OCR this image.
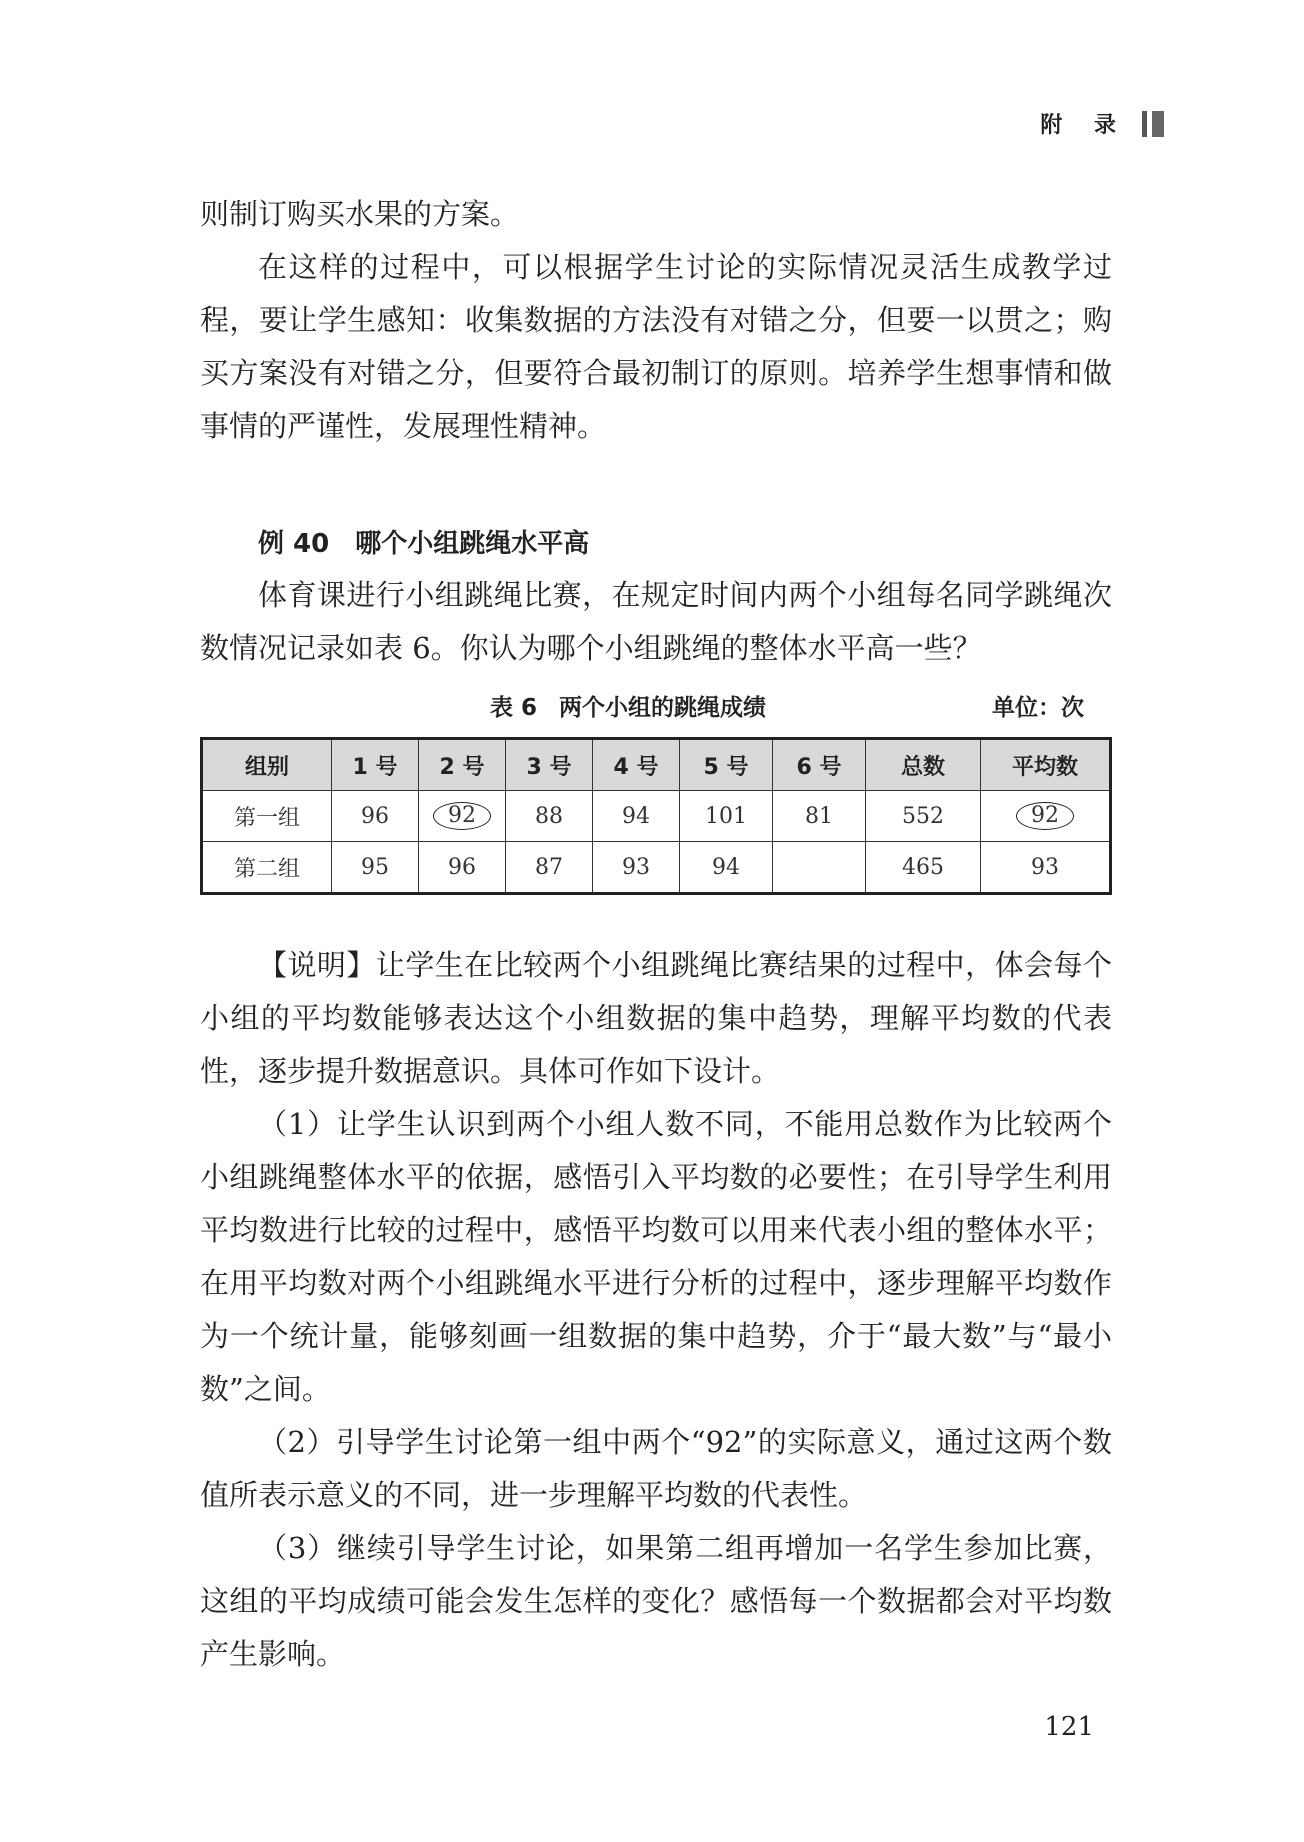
附 录

则制订购买水果的方案。

在这样的过程中，可以根据学生讨论的实际情况灵活生成教学过程，要让学生感知：收集数据的方法没有对错之分，但要一以贯之；购买方案没有对错之分，但要符合最初制订的原则。培养学生想事情和做事情的严谨性，发展理性精神。

例 40 哪个小组跳绳水平高

体育课进行小组跳绳比赛，在规定时间内两个小组每名同学跳绳次数情况记录如表 6。你认为哪个小组跳绳的整体水平高一些？

表 6 两个小组的跳绳成绩	单位：次
组别	1 号	2 号	3 号	4 号	5 号	6 号	总数	平均数
第一组	96	92	88	94	101	81	552	92
第二组	95	96	87	93	94		465	93

【说明】让学生在比较两个小组跳绳比赛结果的过程中，体会每个小组的平均数能够表达这个小组数据的集中趋势，理解平均数的代表性，逐步提升数据意识。具体可作如下设计。

（1）让学生认识到两个小组人数不同，不能用总数作为比较两个小组跳绳整体水平的依据，感悟引入平均数的必要性；在引导学生利用平均数进行比较的过程中，感悟平均数可以用来代表小组的整体水平；在用平均数对两个小组跳绳水平进行分析的过程中，逐步理解平均数作为一个统计量，能够刻画一组数据的集中趋势，介于“最大数”与“最小数”之间。

（2）引导学生讨论第一组中两个“92”的实际意义，通过这两个数值所表示意义的不同，进一步理解平均数的代表性。

（3）继续引导学生讨论，如果第二组再增加一名学生参加比赛，这组的平均成绩可能会发生怎样的变化？感悟每一个数据都会对平均数产生影响。

121
